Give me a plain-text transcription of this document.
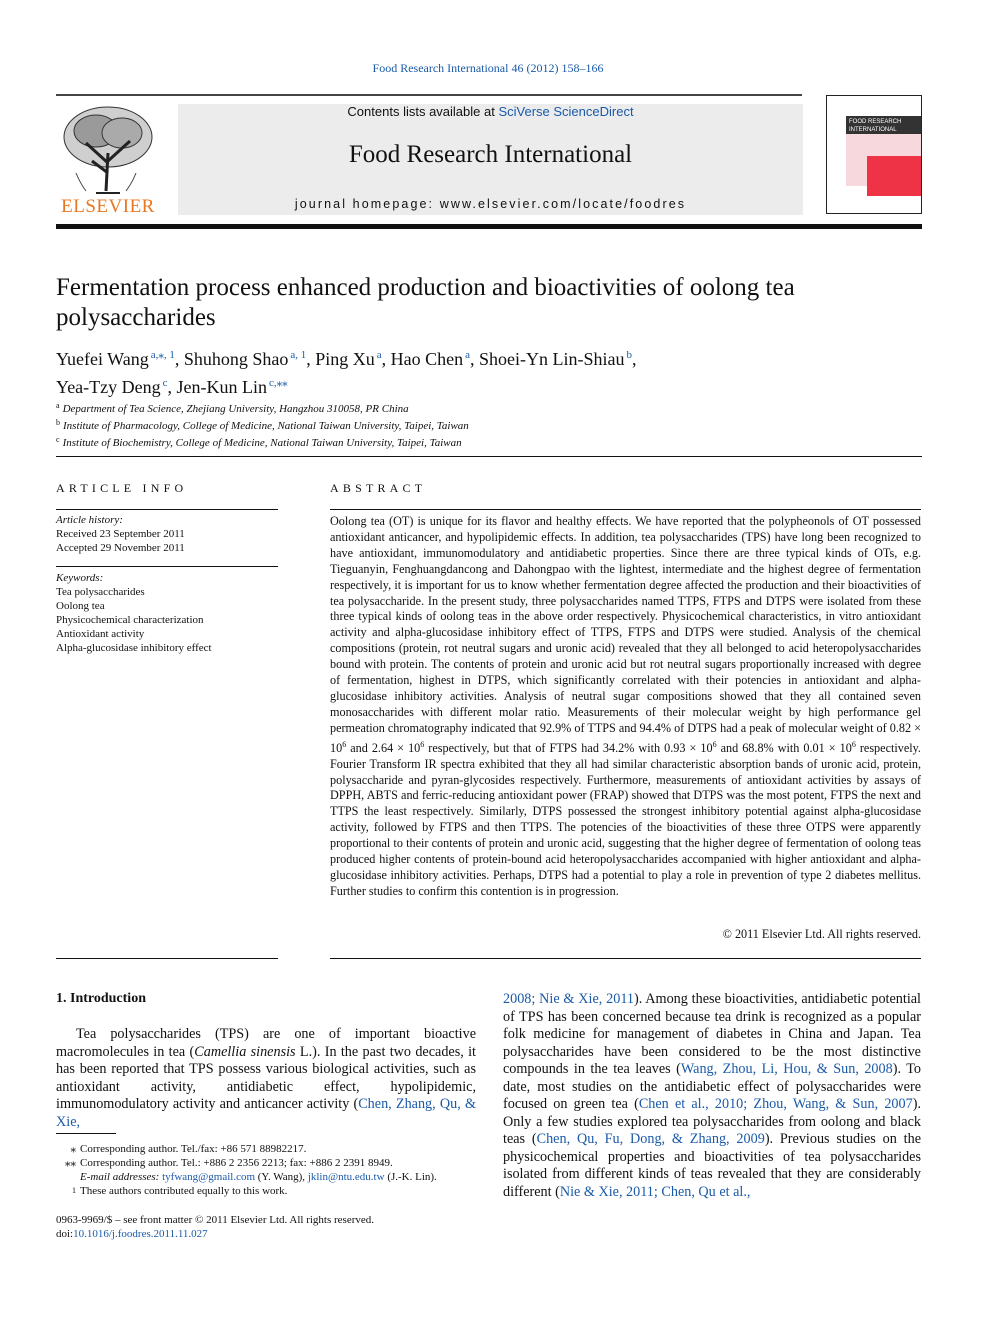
Food Research International 46 (2012) 158–166
ELSEVIER
Contents lists available at SciVerse ScienceDirect
Food Research International
journal homepage: www.elsevier.com/locate/foodres
FOOD RESEARCH INTERNATIONAL
Fermentation process enhanced production and bioactivities of oolong tea polysaccharides
Yuefei Wang $^{a,⁎, 1}$, Shuhong Shao $^{a, 1}$, Ping Xu $^a$, Hao Chen $^a$, Shoei-Yn Lin-Shiau $^b$,
Yea-Tzy Deng $^c$, Jen-Kun Lin $^{c,⁎⁎}$
$^a$ Department of Tea Science, Zhejiang University, Hangzhou 310058, PR China
$^b$ Institute of Pharmacology, College of Medicine, National Taiwan University, Taipei, Taiwan
$^c$ Institute of Biochemistry, College of Medicine, National Taiwan University, Taipei, Taiwan
ARTICLE INFO
Article history:
Received 23 September 2011
Accepted 29 November 2011
Keywords:
Tea polysaccharides
Oolong tea
Physicochemical characterization
Antioxidant activity
Alpha-glucosidase inhibitory effect
ABSTRACT
Oolong tea (OT) is unique for its flavor and healthy effects. We have reported that the polypheonols of OT possessed antioxidant anticancer, and hypolipidemic effects. In addition, tea polysaccharides (TPS) have long been recognized to have antioxidant, immunomodulatory and antidiabetic properties. Since there are three typical kinds of OTs, e.g. Tieguanyin, Fenghuangdancong and Dahongpao with the lightest, intermediate and the highest degree of fermentation respectively, it is important for us to know whether fermentation degree affected the production and their bioactivities of tea polysaccharide. In the present study, three polysaccharides named TTPS, FTPS and DTPS were isolated from these three typical kinds of oolong teas in the above order respectively. Physicochemical characteristics, in vitro antioxidant activity and alpha-glucosidase inhibitory effect of TTPS, FTPS and DTPS were studied. Analysis of the chemical compositions (protein, rot neutral sugars and uronic acid) revealed that they all belonged to acid heteropolysaccharides bound with protein. The contents of protein and uronic acid but rot neutral sugars proportionally increased with degree of fermentation, highest in DTPS, which significantly correlated with their potencies in antioxidant and alpha-glucosidase inhibitory activities. Analysis of neutral sugar compositions showed that they all contained seven monosaccharides with different molar ratio. Measurements of their molecular weight by high performance gel permeation chromatography indicated that 92.9% of TTPS and 94.4% of DTPS had a peak of molecular weight of $0.82 \times 10^6$ and $2.64 \times 10^6$ respectively, but that of FTPS had 34.2% with $0.93 \times 10^6$ and 68.8% with $0.01 \times 10^6$ respectively. Fourier Transform IR spectra exhibited that they all had similar characteristic absorption bands of uronic acid, protein, polysaccharide and pyran-glycosides respectively. Furthermore, measurements of antioxidant activities by assays of DPPH, ABTS and ferric-reducing antioxidant power (FRAP) showed that DTPS was the most potent, FTPS the next and TTPS the least respectively. Similarly, DTPS possessed the strongest inhibitory potential against alpha-glucosidase activity, followed by FTPS and then TTPS. The potencies of the bioactivities of these three OTPS were apparently proportional to their contents of protein and uronic acid, suggesting that the higher degree of fermentation of oolong teas produced higher contents of protein-bound acid heteropolysaccharides accompanied with higher antioxidant and alpha-glucosidase inhibitory activities. Perhaps, DTPS had a potential to play a role in prevention of type 2 diabetes mellitus. Further studies to confirm this contention is in progression.
© 2011 Elsevier Ltd. All rights reserved.
1. Introduction
Tea polysaccharides (TPS) are one of important bioactive macromolecules in tea (Camellia sinensis L.). In the past two decades, it has been reported that TPS possess various biological activities, such as antioxidant activity, antidiabetic effect, hypolipidemic, immunomodulatory activity and anticancer activity (Chen, Zhang, Qu, & Xie,
2008; Nie & Xie, 2011). Among these bioactivities, antidiabetic potential of TPS has been concerned because tea drink is recognized as a popular folk medicine for management of diabetes in China and Japan. Tea polysaccharides have been considered to be the most distinctive compounds in the tea leaves (Wang, Zhou, Li, Hou, & Sun, 2008). To date, most studies on the antidiabetic effect of polysaccharides were focused on green tea (Chen et al., 2010; Zhou, Wang, & Sun, 2007). Only a few studies explored tea polysaccharides from oolong and black teas (Chen, Qu, Fu, Dong, & Zhang, 2009). Previous studies on the physicochemical properties and bioactivities of tea polysaccharides isolated from different kinds of teas revealed that they are considerably different (Nie & Xie, 2011; Chen, Qu et al.,
⁎ Corresponding author. Tel./fax: +86 571 88982217.
⁎⁎ Corresponding author. Tel.: +886 2 2356 2213; fax: +886 2 2391 8949.
E-mail addresses: tyfwang@gmail.com (Y. Wang), jklin@ntu.edu.tw (J.-K. Lin).
1 These authors contributed equally to this work.
0963-9969/$ – see front matter © 2011 Elsevier Ltd. All rights reserved.
doi:10.1016/j.foodres.2011.11.027
